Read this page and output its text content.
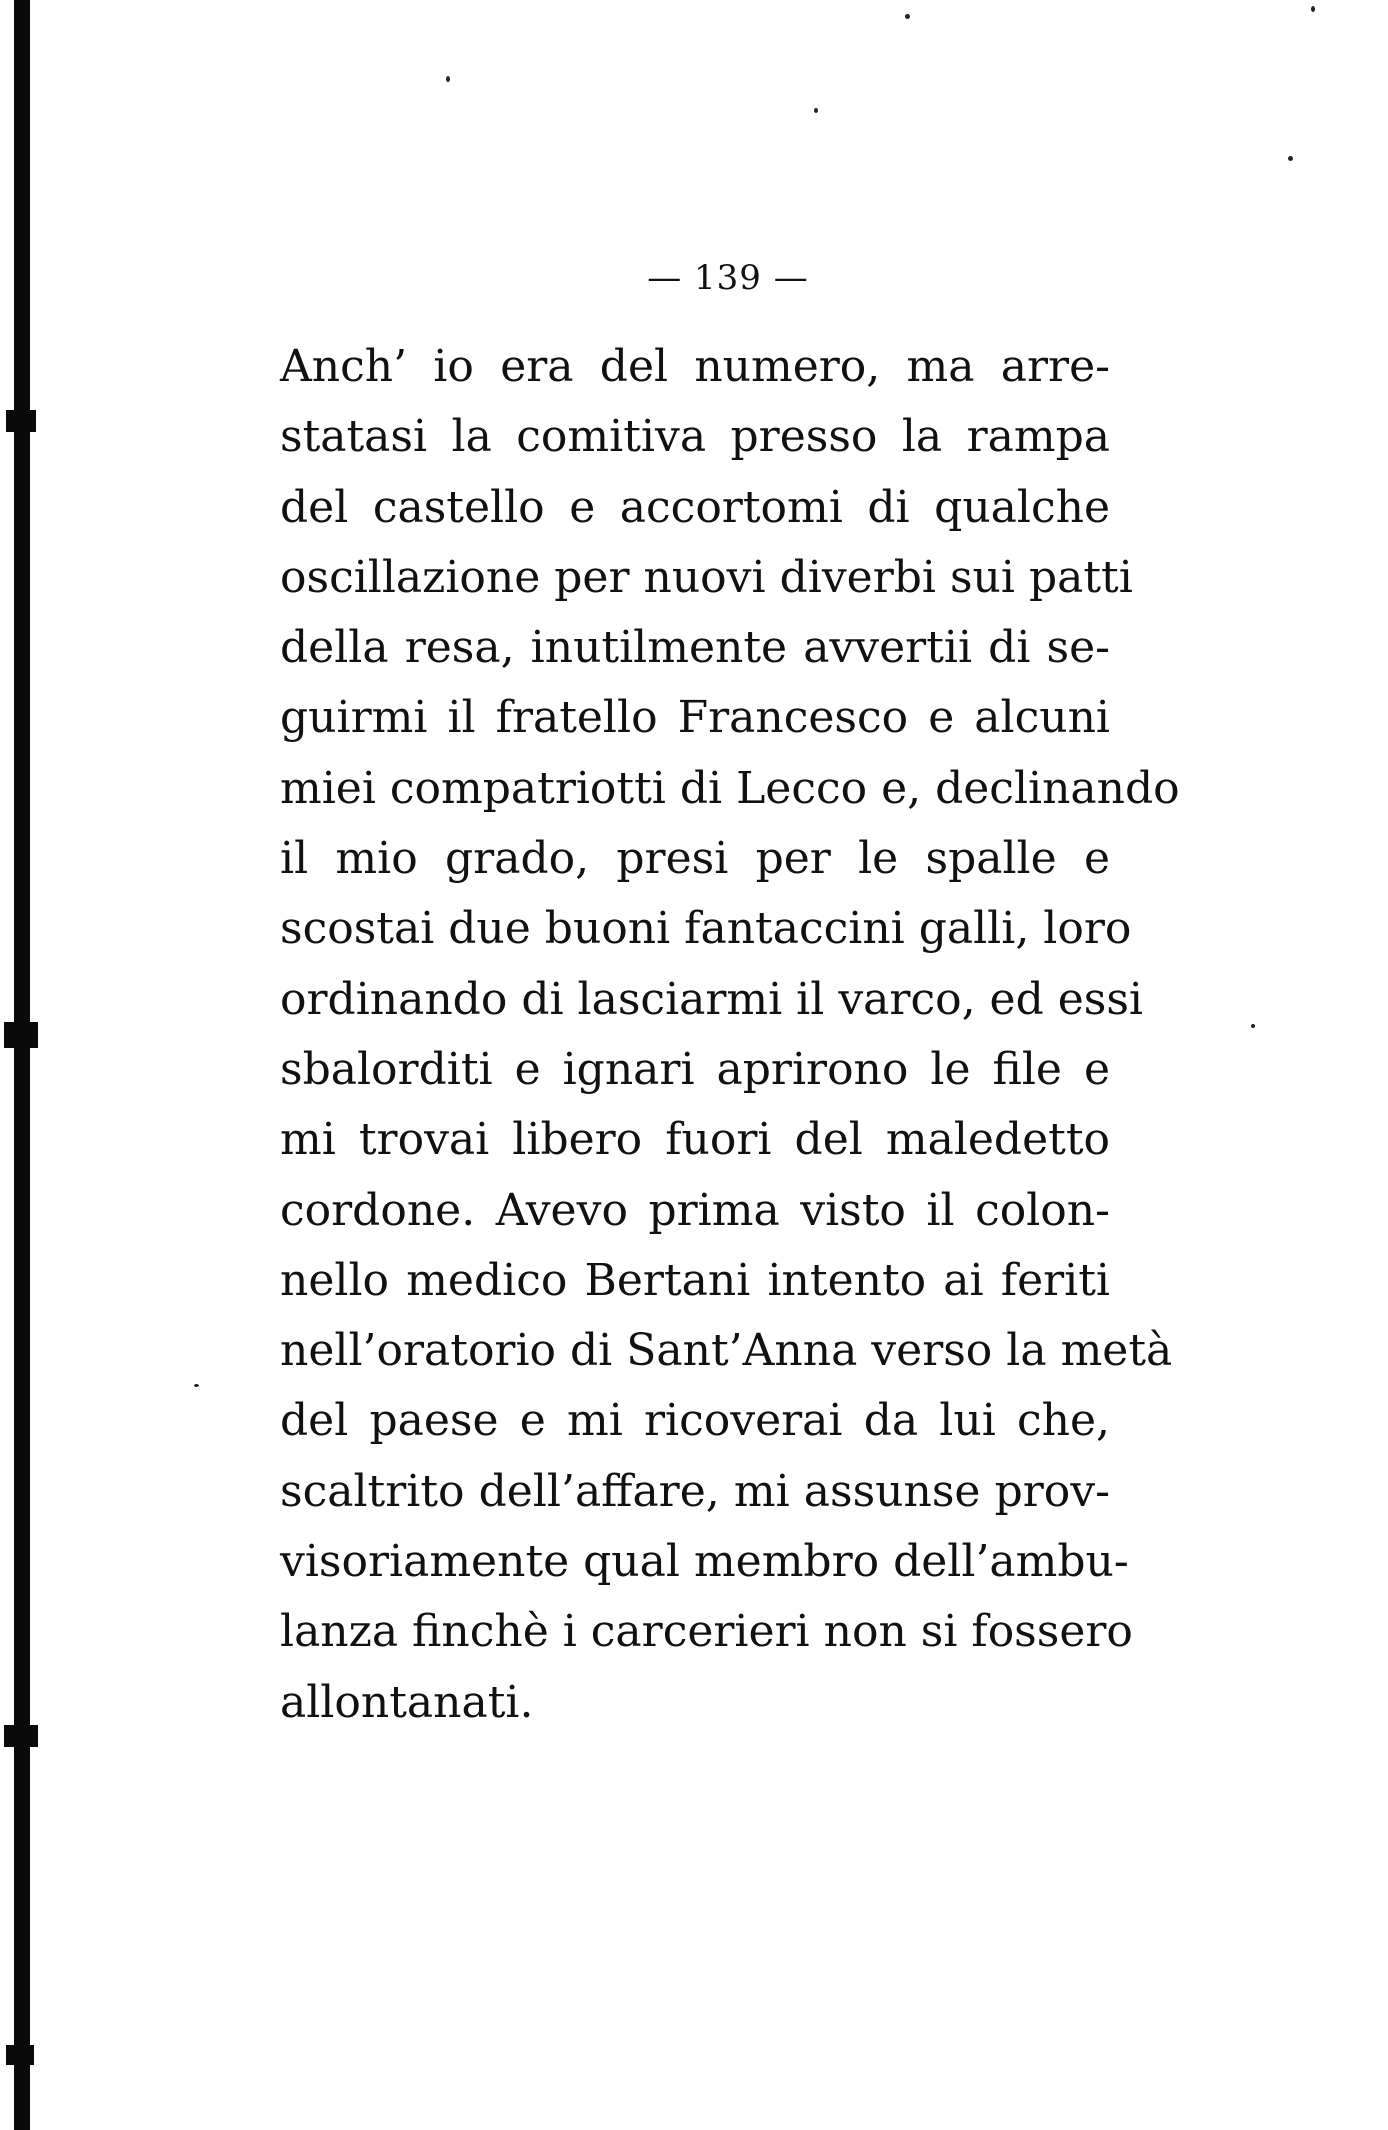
— 139 —
Anch’ io era del numero, ma arre-
statasi la comitiva presso la rampa
del castello e accortomi di qualche
oscillazione per nuovi diverbi sui patti
della resa, inutilmente avvertii di se-
guirmi il fratello Francesco e alcuni
miei compatriotti di Lecco e, declinando
il mio grado, presi per le spalle e
scostai due buoni fantaccini galli, loro
ordinando di lasciarmi il varco, ed essi
sbalorditi e ignari aprirono le file e
mi trovai libero fuori del maledetto
cordone. Avevo prima visto il colon-
nello medico Bertani intento ai feriti
nell’oratorio di Sant’Anna verso la metà
del paese e mi ricoverai da lui che,
scaltrito dell’affare, mi assunse prov-
visoriamente qual membro dell’ambu-
lanza finchè i carcerieri non si fossero
allontanati.
